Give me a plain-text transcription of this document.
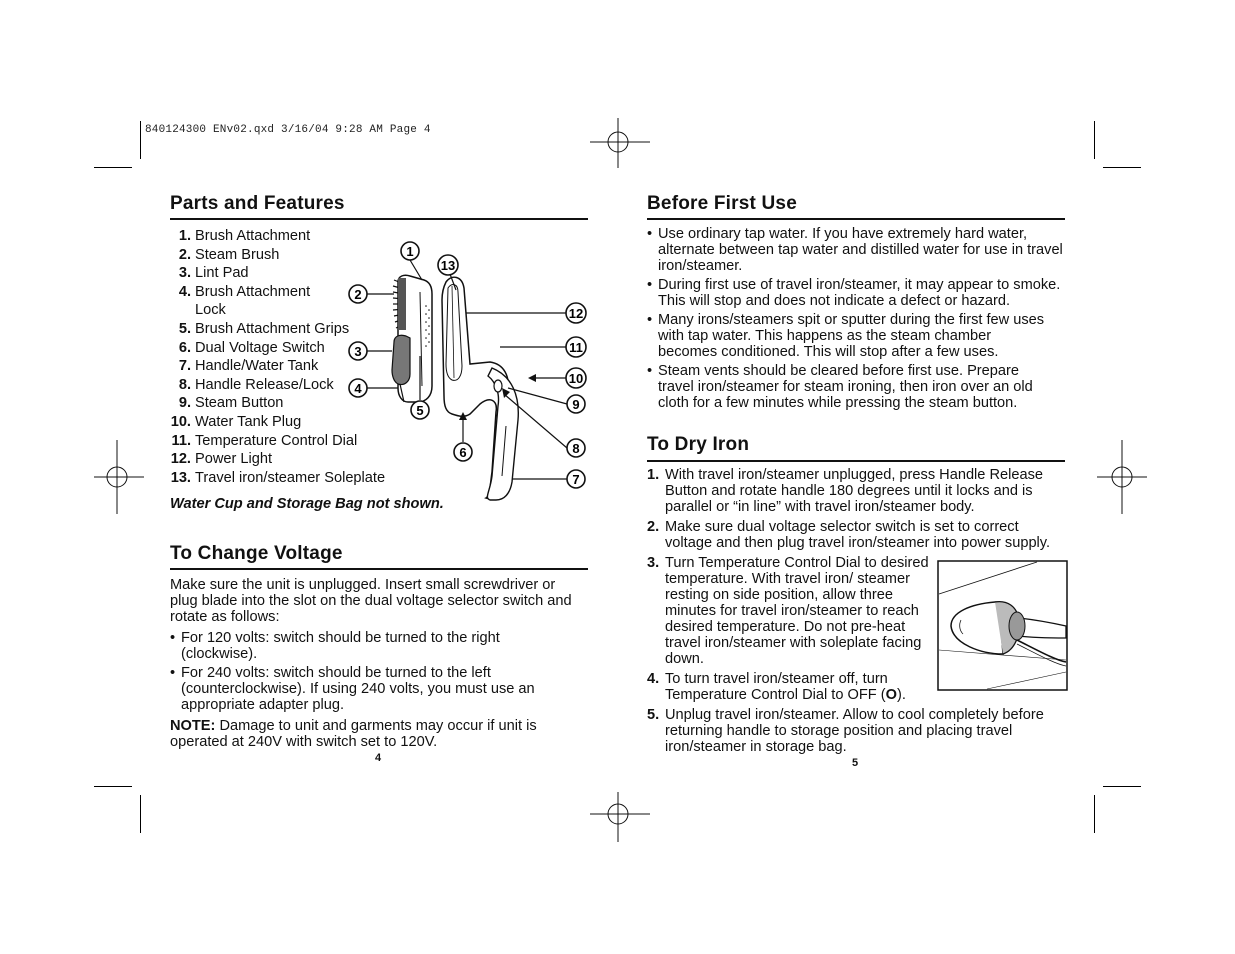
840124300 ENv02.qxd 3/16/04 9:28 AM Page 4
Parts and Features
1. Brush Attachment
2. Steam Brush
3. Lint Pad
4. Brush Attachment
Lock
5. Brush Attachment Grips
6. Dual Voltage Switch
7. Handle/Water Tank
8. Handle Release/Lock
9. Steam Button
10. Water Tank Plug
11. Temperature Control Dial
12. Power Light
13. Travel iron/steamer Soleplate
Water Cup and Storage Bag not shown.
1
2
3
4
5
6
7
8
9
10
11
12
13
To Change Voltage
Make sure the unit is unplugged. Insert small screwdriver or plug blade into the slot on the dual voltage selector switch and rotate as follows:
• For 120 volts: switch should be turned to the right (clockwise).
• For 240 volts: switch should be turned to the left (counterclockwise). If using 240 volts, you must use an appropriate adapter plug.
NOTE: Damage to unit and garments may occur if unit is operated at 240V with switch set to 120V.
4
Before First Use
• Use ordinary tap water. If you have extremely hard water, alternate between tap water and distilled water for use in travel iron/steamer.
• During first use of travel iron/steamer, it may appear to smoke. This will stop and does not indicate a defect or hazard.
• Many irons/steamers spit or sputter during the first few uses with tap water. This happens as the steam chamber becomes conditioned. This will stop after a few uses.
• Steam vents should be cleared before first use. Prepare travel iron/steamer for steam ironing, then iron over an old cloth for a few minutes while pressing the steam button.
To Dry Iron
1. With travel iron/steamer unplugged, press Handle Release Button and rotate handle 180 degrees until it locks and is parallel or “in line” with travel iron/steamer body.
2. Make sure dual voltage selector switch is set to correct voltage and then plug travel iron/steamer into power supply.
3. Turn Temperature Control Dial to desired temperature. With travel iron/ steamer resting on side position, allow three minutes for travel iron/steamer to reach desired temperature. Do not pre-heat travel iron/steamer with soleplate facing down.
4. To turn travel iron/steamer off, turn Temperature Control Dial to OFF (O).
5. Unplug travel iron/steamer. Allow to cool completely before returning handle to storage position and placing travel iron/steamer in storage bag.
5
